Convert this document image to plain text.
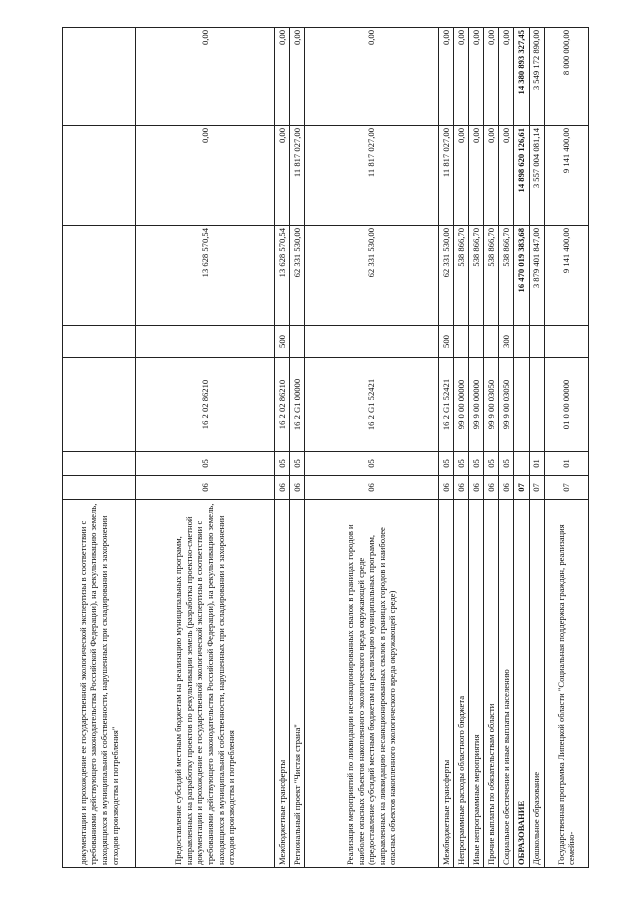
документации и прохождение ее государственной экологической экспертизы в соответствии с требованиями действующего законодательства Российской Федерации), на рекультивацию земель, находящихся в муниципальной собственности, нарушенных при складировании и захоронении отходов производства и потребления"							
Предоставление субсидий местным бюджетам на реализацию муниципальных программ, направленных на разработку проектов по рекультивации земель (разработка проектно-сметной документации и прохождение ее государственной экологической экспертизы в соответствии с требованиями действующего законодательства Российской Федерации), на рекультивацию земель, находящихся в муниципальной собственности, нарушенных при складировании и захоронении отходов производства и потребления	06	05	16 2 02 86210		13 628 570,54	0,00	0,00
Межбюджетные трансферты	06	05	16 2 02 86210	500	13 628 570,54	0,00	0,00
Региональный проект "Чистая страна"	06	05	16 2 G1 00000		62 331 530,00	11 817 027,00	0,00
Реализация мероприятий по ликвидации несанкционированных свалок в границах городов и наиболее опасных объектов накопленного экологического вреда окружающей среде (предоставление субсидий местным бюджетам на реализацию муниципальных программ, направленных на ликвидацию несанкционированных свалок в границах городов и наиболее опасных объектов накопленного экологического вреда окружающей среде)	06	05	16 2 G1 52421		62 331 530,00	11 817 027,00	0,00
Межбюджетные трансферты	06	05	16 2 G1 52421	500	62 331 530,00	11 817 027,00	0,00
Непрограммные расходы областного бюджета	06	05	99 0 00 00000		538 866,70	0,00	0,00
Иные непрограммные мероприятия	06	05	99 9 00 00000		538 866,70	0,00	0,00
Прочие выплаты по обязательствам области	06	05	99 9 00 03050		538 866,70	0,00	0,00
Социальное обеспечение и иные выплаты населению	06	05	99 9 00 03050	300	538 866,70	0,00	0,00
ОБРАЗОВАНИЕ	07				16 470 019 383,68	14 898 620 126,61	14 380 893 327,45
Дошкольное образование	07	01			3 879 401 847,00	3 557 004 081,14	3 549 172 890,00
Государственная программа Липецкой области "Социальная поддержка граждан, реализация семейно-	07	01	01 0 00 00000		9 141 400,00	9 141 400,00	8 000 000,00
